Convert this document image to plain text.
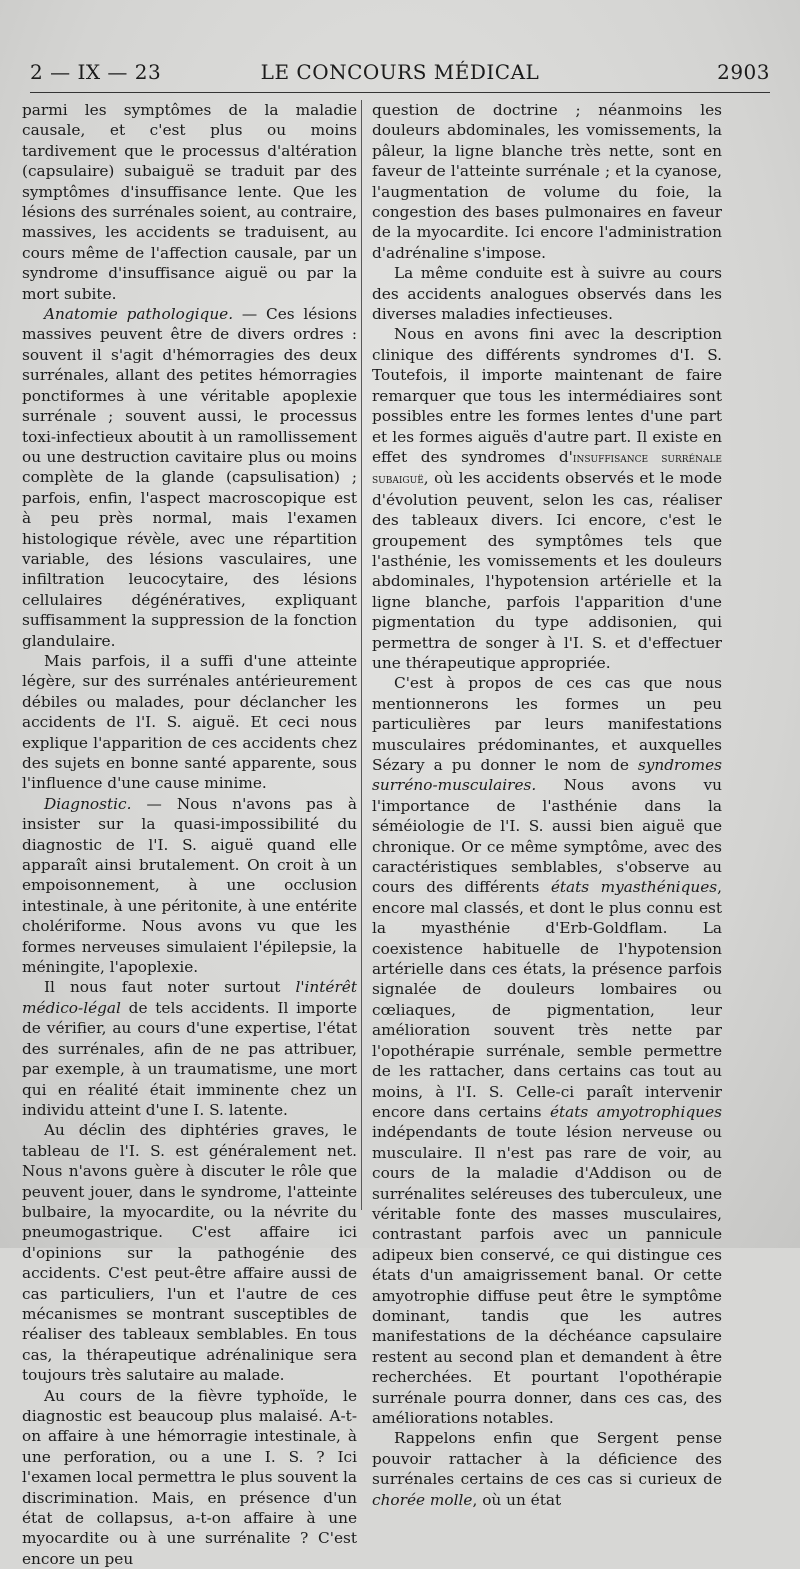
2 — IX — 23	LE CONCOURS MÉDICAL	2903

parmi les symptômes de la maladie causale, et c'est plus ou moins tardivement que le processus d'altération (capsulaire) subaiguë se traduit par des symptômes d'insuffisance lente. Que les lésions des surrénales soient, au contraire, massives, les accidents se traduisent, au cours même de l'affection causale, par un syndrome d'insuffisance aiguë ou par la mort subite.

Anatomie pathologique. — Ces lésions massives peuvent être de divers ordres : souvent il s'agit d'hémorragies des deux surrénales, allant des petites hémorragies ponctiformes à une véritable apoplexie surrénale ; souvent aussi, le processus toxi-infectieux aboutit à un ramollissement ou une destruction cavitaire plus ou moins complète de la glande (capsulisation) ; parfois, enfin, l'aspect macroscopique est à peu près normal, mais l'examen histologique révèle, avec une répartition variable, des lésions vasculaires, une infiltration leucocytaire, des lésions cellulaires dégénératives, expliquant suffisamment la suppression de la fonction glandulaire.

Mais parfois, il a suffi d'une atteinte légère, sur des surrénales antérieurement débiles ou malades, pour déclancher les accidents de l'I. S. aiguë. Et ceci nous explique l'apparition de ces accidents chez des sujets en bonne santé apparente, sous l'influence d'une cause minime.

Diagnostic. — Nous n'avons pas à insister sur la quasi-impossibilité du diagnostic de l'I. S. aiguë quand elle apparaît ainsi brutalement. On croit à un empoisonnement, à une occlusion intestinale, à une péritonite, à une entérite cholériforme. Nous avons vu que les formes nerveuses simulaient l'épilepsie, la méningite, l'apoplexie.

Il nous faut noter surtout l'intérêt médico-légal de tels accidents. Il importe de vérifier, au cours d'une expertise, l'état des surrénales, afin de ne pas attribuer, par exemple, à un traumatisme, une mort qui en réalité était imminente chez un individu atteint d'une I. S. latente.

Au déclin des diphtéries graves, le tableau de l'I. S. est généralement net. Nous n'avons guère à discuter le rôle que peuvent jouer, dans le syndrome, l'atteinte bulbaire, la myocardite, ou la névrite du pneumogastrique. C'est affaire ici d'opinions sur la pathogénie des accidents. C'est peut-être affaire aussi de cas particuliers, l'un et l'autre de ces mécanismes se montrant susceptibles de réaliser des tableaux semblables. En tous cas, la thérapeutique adrénalinique sera toujours très salutaire au malade.

Au cours de la fièvre typhoïde, le diagnostic est beaucoup plus malaisé. A-t-on affaire à une hémorragie intestinale, à une perforation, ou a une I. S. ? Ici l'examen local permettra le plus souvent la discrimination. Mais, en présence d'un état de collapsus, a-t-on affaire à une myocardite ou à une surrénalite ? C'est encore un peu

question de doctrine ; néanmoins les douleurs abdominales, les vomissements, la pâleur, la ligne blanche très nette, sont en faveur de l'atteinte surrénale ; et la cyanose, l'augmentation de volume du foie, la congestion des bases pulmonaires en faveur de la myocardite. Ici encore l'administration d'adrénaline s'impose.

La même conduite est à suivre au cours des accidents analogues observés dans les diverses maladies infectieuses.

Nous en avons fini avec la description clinique des différents syndromes d'I. S. Toutefois, il importe maintenant de faire remarquer que tous les intermédiaires sont possibles entre les formes lentes d'une part et les formes aiguës d'autre part. Il existe en effet des syndromes d'insuffisance surrénale subaiguë, où les accidents observés et le mode d'évolution peuvent, selon les cas, réaliser des tableaux divers. Ici encore, c'est le groupement des symptômes tels que l'asthénie, les vomissements et les douleurs abdominales, l'hypotension artérielle et la ligne blanche, parfois l'apparition d'une pigmentation du type addisonien, qui permettra de songer à l'I. S. et d'effectuer une thérapeutique appropriée.

C'est à propos de ces cas que nous mentionnerons les formes un peu particulières par leurs manifestations musculaires prédominantes, et auxquelles Sézary a pu donner le nom de syndromes surréno-musculaires. Nous avons vu l'importance de l'asthénie dans la séméiologie de l'I. S. aussi bien aiguë que chronique. Or ce même symptôme, avec des caractéristiques semblables, s'observe au cours des différents états myasthéniques, encore mal classés, et dont le plus connu est la myasthénie d'Erb-Goldflam. La coexistence habituelle de l'hypotension artérielle dans ces états, la présence parfois signalée de douleurs lombaires ou cœliaques, de pigmentation, leur amélioration souvent très nette par l'opothérapie surrénale, semble permettre de les rattacher, dans certains cas tout au moins, à l'I. S. Celle-ci paraît intervenir encore dans certains états amyotrophiques indépendants de toute lésion nerveuse ou musculaire. Il n'est pas rare de voir, au cours de la maladie d'Addison ou de surrénalites seléreuses des tuberculeux, une véritable fonte des masses musculaires, contrastant parfois avec un pannicule adipeux bien conservé, ce qui distingue ces états d'un amaigrissement banal. Or cette amyotrophie diffuse peut être le symptôme dominant, tandis que les autres manifestations de la déchéance capsulaire restent au second plan et demandent à être recherchées. Et pourtant l'opothérapie surrénale pourra donner, dans ces cas, des améliorations notables.

Rappelons enfin que Sergent pense pouvoir rattacher à la déficience des surrénales certains de ces cas si curieux de chorée molle, où un état
